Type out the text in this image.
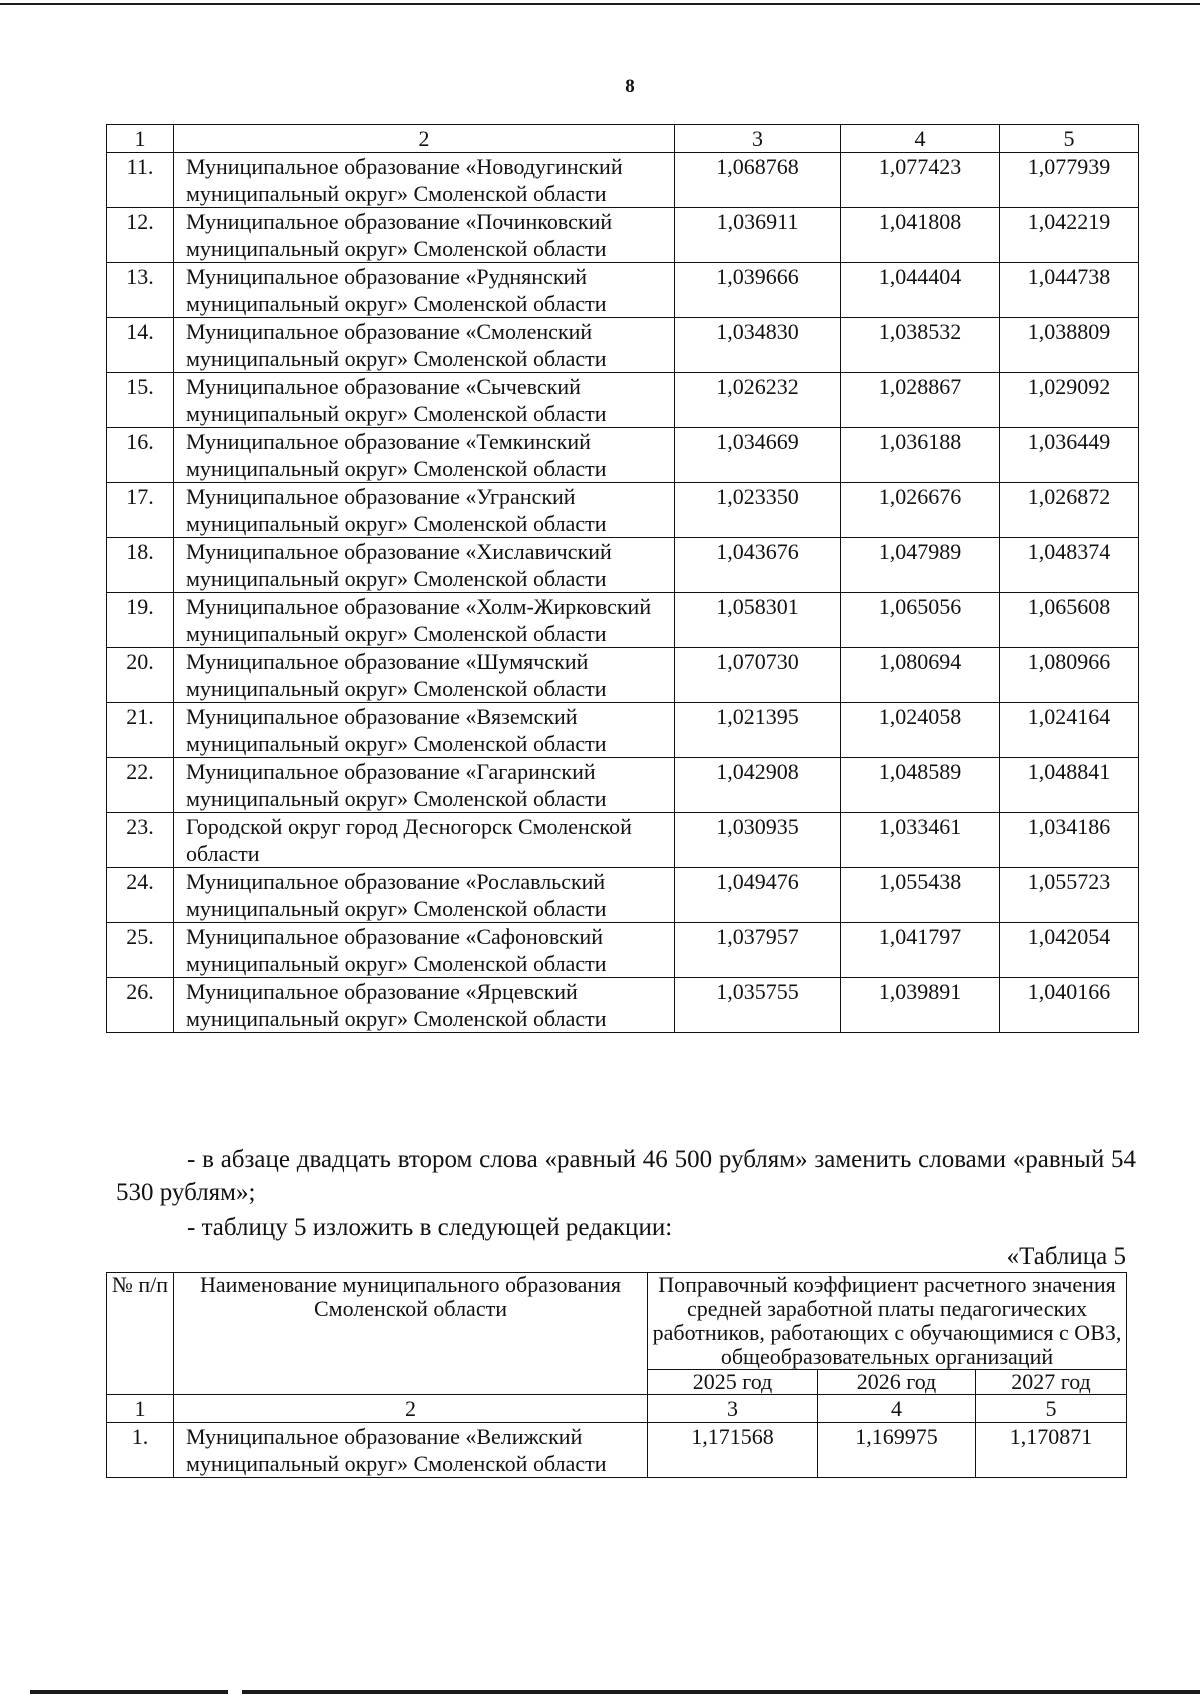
8
1	2	3	4	5
11.	Муниципальное образование «Новодугинский муниципальный округ» Смоленской области	1,068768	1,077423	1,077939
12.	Муниципальное образование «Починковский муниципальный округ» Смоленской области	1,036911	1,041808	1,042219
13.	Муниципальное образование «Руднянский муниципальный округ» Смоленской области	1,039666	1,044404	1,044738
14.	Муниципальное образование «Смоленский муниципальный округ» Смоленской области	1,034830	1,038532	1,038809
15.	Муниципальное образование «Сычевский муниципальный округ» Смоленской области	1,026232	1,028867	1,029092
16.	Муниципальное образование «Темкинский муниципальный округ» Смоленской области	1,034669	1,036188	1,036449
17.	Муниципальное образование «Угранский муниципальный округ» Смоленской области	1,023350	1,026676	1,026872
18.	Муниципальное образование «Хиславичский муниципальный округ» Смоленской области	1,043676	1,047989	1,048374
19.	Муниципальное образование «Холм-Жирковский муниципальный округ» Смоленской области	1,058301	1,065056	1,065608
20.	Муниципальное образование «Шумячский муниципальный округ» Смоленской области	1,070730	1,080694	1,080966
21.	Муниципальное образование «Вяземский муниципальный округ» Смоленской области	1,021395	1,024058	1,024164
22.	Муниципальное образование «Гагаринский муниципальный округ» Смоленской области	1,042908	1,048589	1,048841
23.	Городской округ город Десногорск Смоленской области	1,030935	1,033461	1,034186
24.	Муниципальное образование «Рославльский муниципальный округ» Смоленской области	1,049476	1,055438	1,055723
25.	Муниципальное образование «Сафоновский муниципальный округ» Смоленской области	1,037957	1,041797	1,042054
26.	Муниципальное образование «Ярцевский муниципальный округ» Смоленской области	1,035755	1,039891	1,040166
- в абзаце двадцать втором слова «равный 46 500 рублям» заменить словами «равный 54 530 рублям»;
- таблицу 5 изложить в следующей редакции:
«Таблица 5
№ п/п	Наименование муниципального образования Смоленской области	Поправочный коэффициент расчетного значения средней заработной платы педагогических работников, работающих с обучающимися с ОВЗ, общеобразовательных организаций		
		2025 год	2026 год	2027 год
1	2	3	4	5
1.	Муниципальное образование «Велижский муниципальный округ» Смоленской области	1,171568	1,169975	1,170871
